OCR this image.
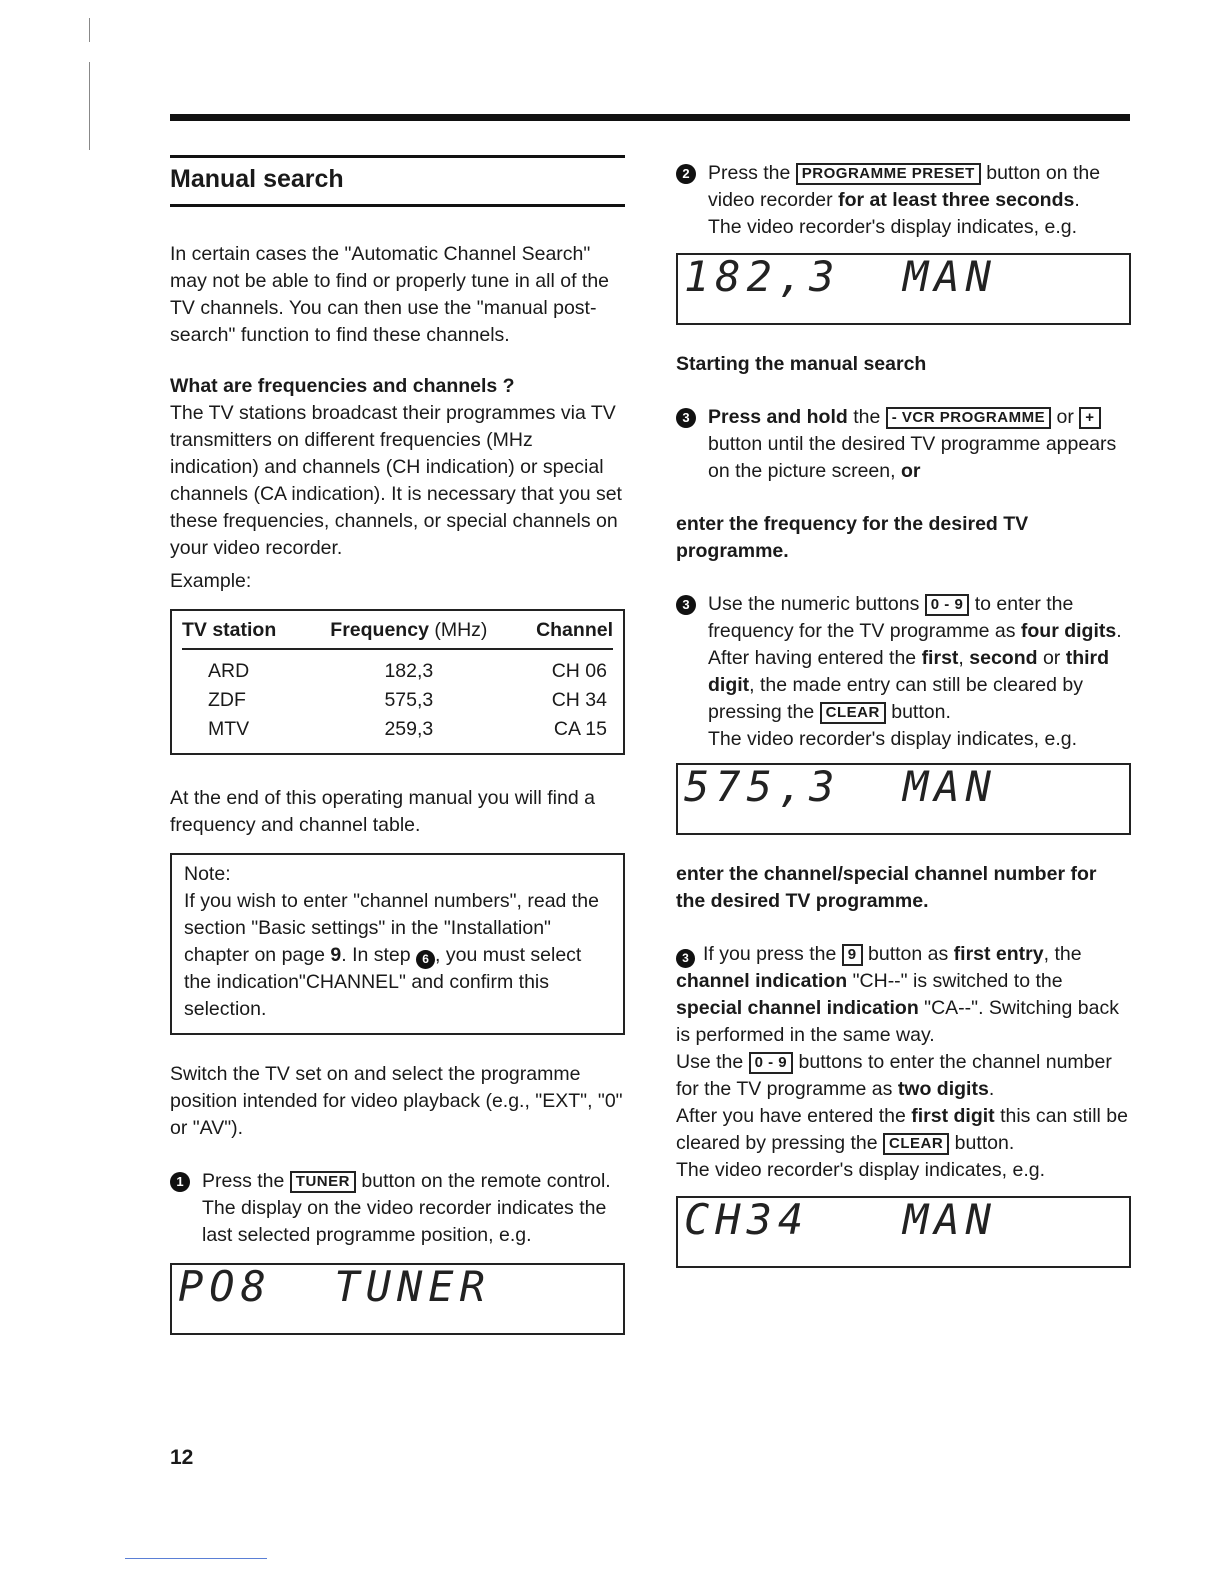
Manual search

In certain cases the "Automatic Channel Search" may not be able to find or properly tune in all of the TV channels. You can then use the "manual post-search" function to find these channels.

What are frequencies and channels ?

The TV stations broadcast their programmes via TV transmitters on different frequencies (MHz indication) and channels (CH indication) or special channels (CA indication). It is necessary that you set these frequencies, channels, or special channels on your video recorder.

Example:

TV station	Frequency (MHz)	Channel
ARD	182,3	CH 06
ZDF	575,3	CH 34
MTV	259,3	CA 15

At the end of this operating manual you will find a frequency and channel table.

Note:

If you wish to enter "channel numbers", read the section "Basic settings" in the "Installation" chapter on page 9. In step 6 , you must select the indication"CHANNEL" and confirm this selection.

Switch the TV set on and select the programme position intended for video playback (e.g., "EXT", "0" or "AV").

1 Press the TUNER button on the remote control. The display on the video recorder indicates the last selected programme position, e.g.
PO8  TUNER
2 Press the PROGRAMME PRESET button on the video recorder for at least three seconds.
The video recorder's display indicates, e.g.
182,3  MAN

Starting the manual search

3 Press and hold the - VCR PROGRAMME or + button until the desired TV programme appears on the picture screen, or

enter the frequency for the desired TV programme.

3 Use the numeric buttons 0 - 9 to enter the frequency for the TV programme as four digits.
After having entered the first, second or third digit, the made entry can still be cleared by pressing the CLEAR button.
The video recorder's display indicates, e.g.
575,3  MAN

enter the channel/special channel number for the desired TV programme.

3 If you press the 9 button as first entry, the channel indication "CH--" is switched to the special channel indication "CA--". Switching back is performed in the same way.

Use the 0 - 9 buttons to enter the channel number for the TV programme as two digits.

After you have entered the first digit this can still be cleared by pressing the CLEAR button.

The video recorder's display indicates, e.g.

CH34   MAN
12
